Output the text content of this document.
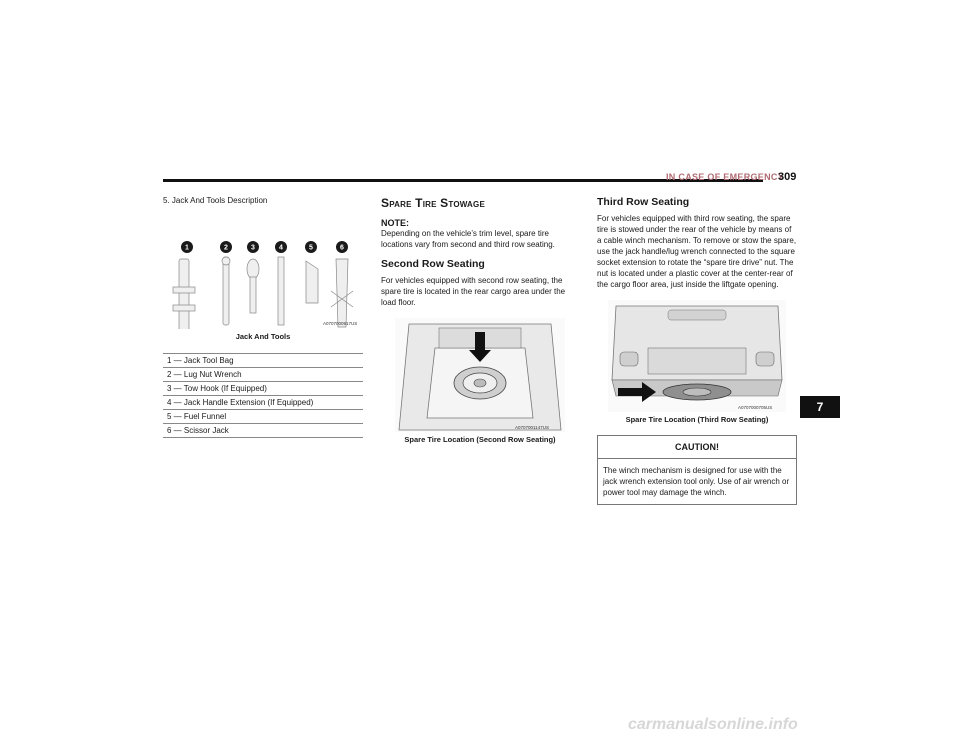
IN CASE OF EMERGENCY
309
5. Jack And Tools Description
1	2	3	4	5	6
A0707000917US
Jack And Tools
1 — Jack Tool Bag
2 — Lug Nut Wrench
3 — Tow Hook (If Equipped)
4 — Jack Handle Extension (If Equipped)
5 — Fuel Funnel
6 — Scissor Jack
Spare Tire Stowage
NOTE:
Depending on the vehicle’s trim level, spare tire locations vary from second and third row seating.
Second Row Seating
For vehicles equipped with second row seating, the spare tire is located in the rear cargo area under the load floor.
A0707001147US
Spare Tire Location (Second Row Seating)
Third Row Seating
For vehicles equipped with third row seating, the spare tire is stowed under the rear of the vehicle by means of a cable winch mechanism. To remove or stow the spare, use the jack handle/lug wrench connected to the square socket extension to rotate the “spare tire drive” nut. The nut is located under a plastic cover at the center-rear of the cargo floor area, just inside the liftgate opening.
A0707000705US
Spare Tire Location (Third Row Seating)
CAUTION!
The winch mechanism is designed for use with the jack wrench extension tool only. Use of air wrench or power tool may damage the winch.
7
carmanualsonline.info
